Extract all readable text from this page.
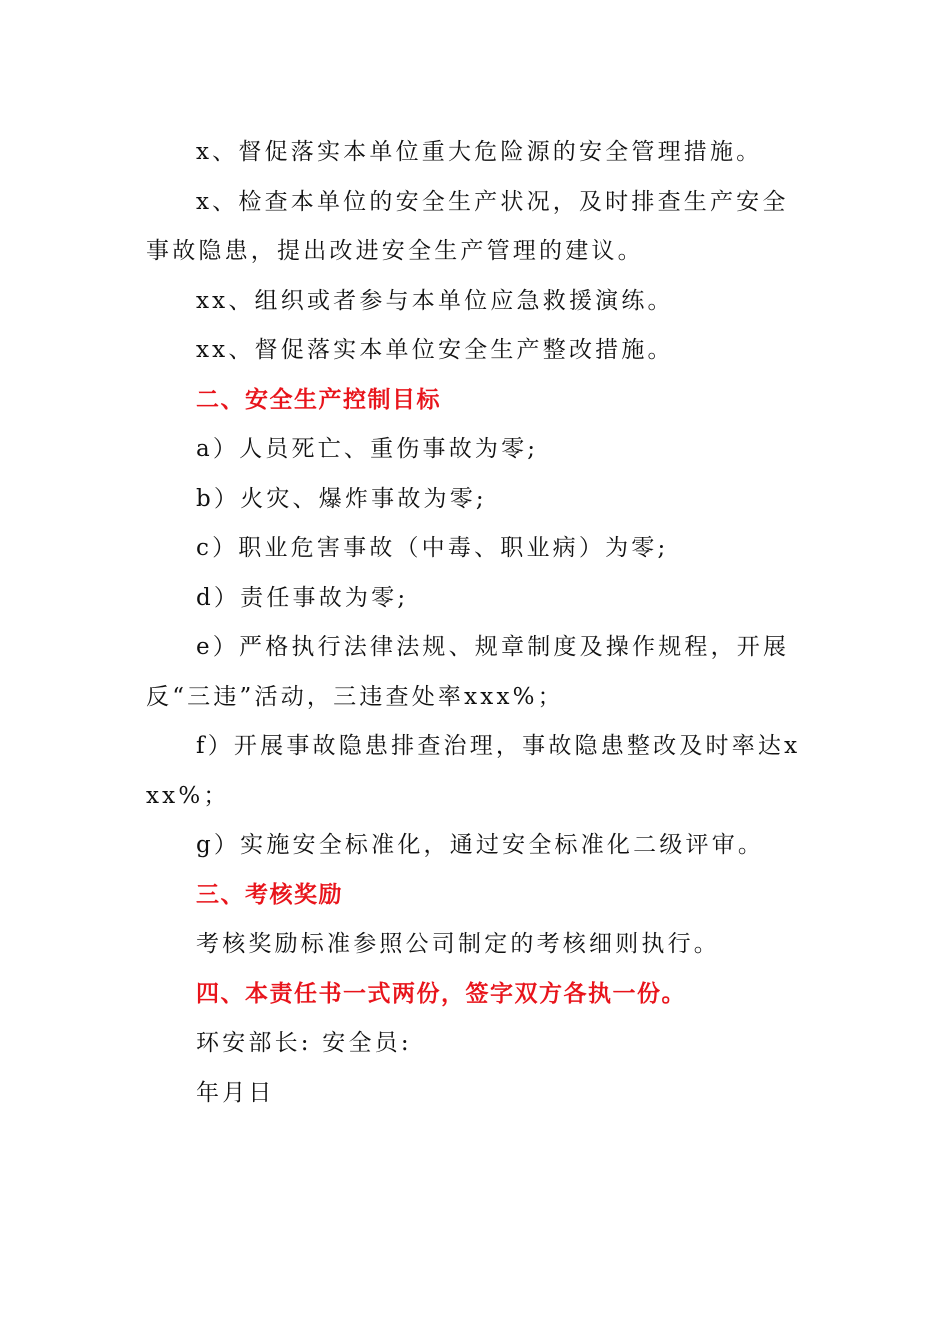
x、督促落实本单位重大危险源的安全管理措施。

x、检查本单位的安全生产状况，及时排查生产安全事故隐患，提出改进安全生产管理的建议。

xx、组织或者参与本单位应急救援演练。

xx、督促落实本单位安全生产整改措施。

二、安全生产控制目标

a）人员死亡、重伤事故为零;

b）火灾、爆炸事故为零;

c）职业危害事故（中毒、职业病）为零;

d）责任事故为零;

e）严格执行法律法规、规章制度及操作规程，开展反“三违”活动，三违查处率xxx%；

f）开展事故隐患排查治理，事故隐患整改及时率达xxx%；

g）实施安全标准化，通过安全标准化二级评审。

三、考核奖励

考核奖励标准参照公司制定的考核细则执行。

四、本责任书一式两份，签字双方各执一份。

环安部长: 安全员:

年月日
